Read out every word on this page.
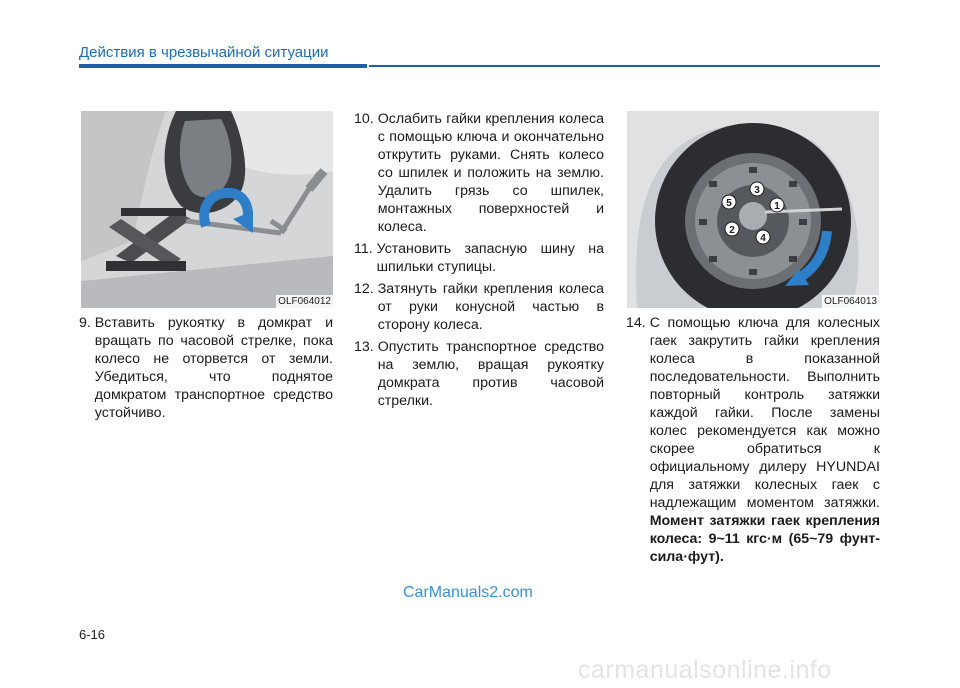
Действия в чрезвычайной ситуации
OLF064012
1
2
3
4
5
OLF064013
9.
Вставить рукоятку в домкрат и вращать по часовой стрелке, пока колесо не оторвется от земли. Убедиться, что поднятое домкратом транспортное средство устойчиво.
10.
Ослабить гайки крепления колеса с помощью ключа и окончательно открутить руками. Снять колесо со шпилек и положить на землю. Удалить грязь со шпилек, монтажных поверхностей и колеса.
11.
Установить запасную шину на шпильки ступицы.
12.
Затянуть гайки крепления колеса от руки конусной частью в сторону колеса.
13.
Опустить транспортное средство на землю, вращая рукоятку домкрата против часовой стрелки.
14.
С помощью ключа для колесных гаек закрутить гайки крепления колеса в показанной последовательности. Выполнить повторный контроль затяжки каждой гайки. После замены колес рекомендуется как можно скорее обратиться к официальному дилеру HYUNDAI для затяжки колесных гаек с надлежащим моментом затяжки. Момент затяжки гаек крепления колеса: 9~11 кгс·м (65~79 фунт-сила·фут).
CarManuals2.com
6-16
carmanualsonline.info
